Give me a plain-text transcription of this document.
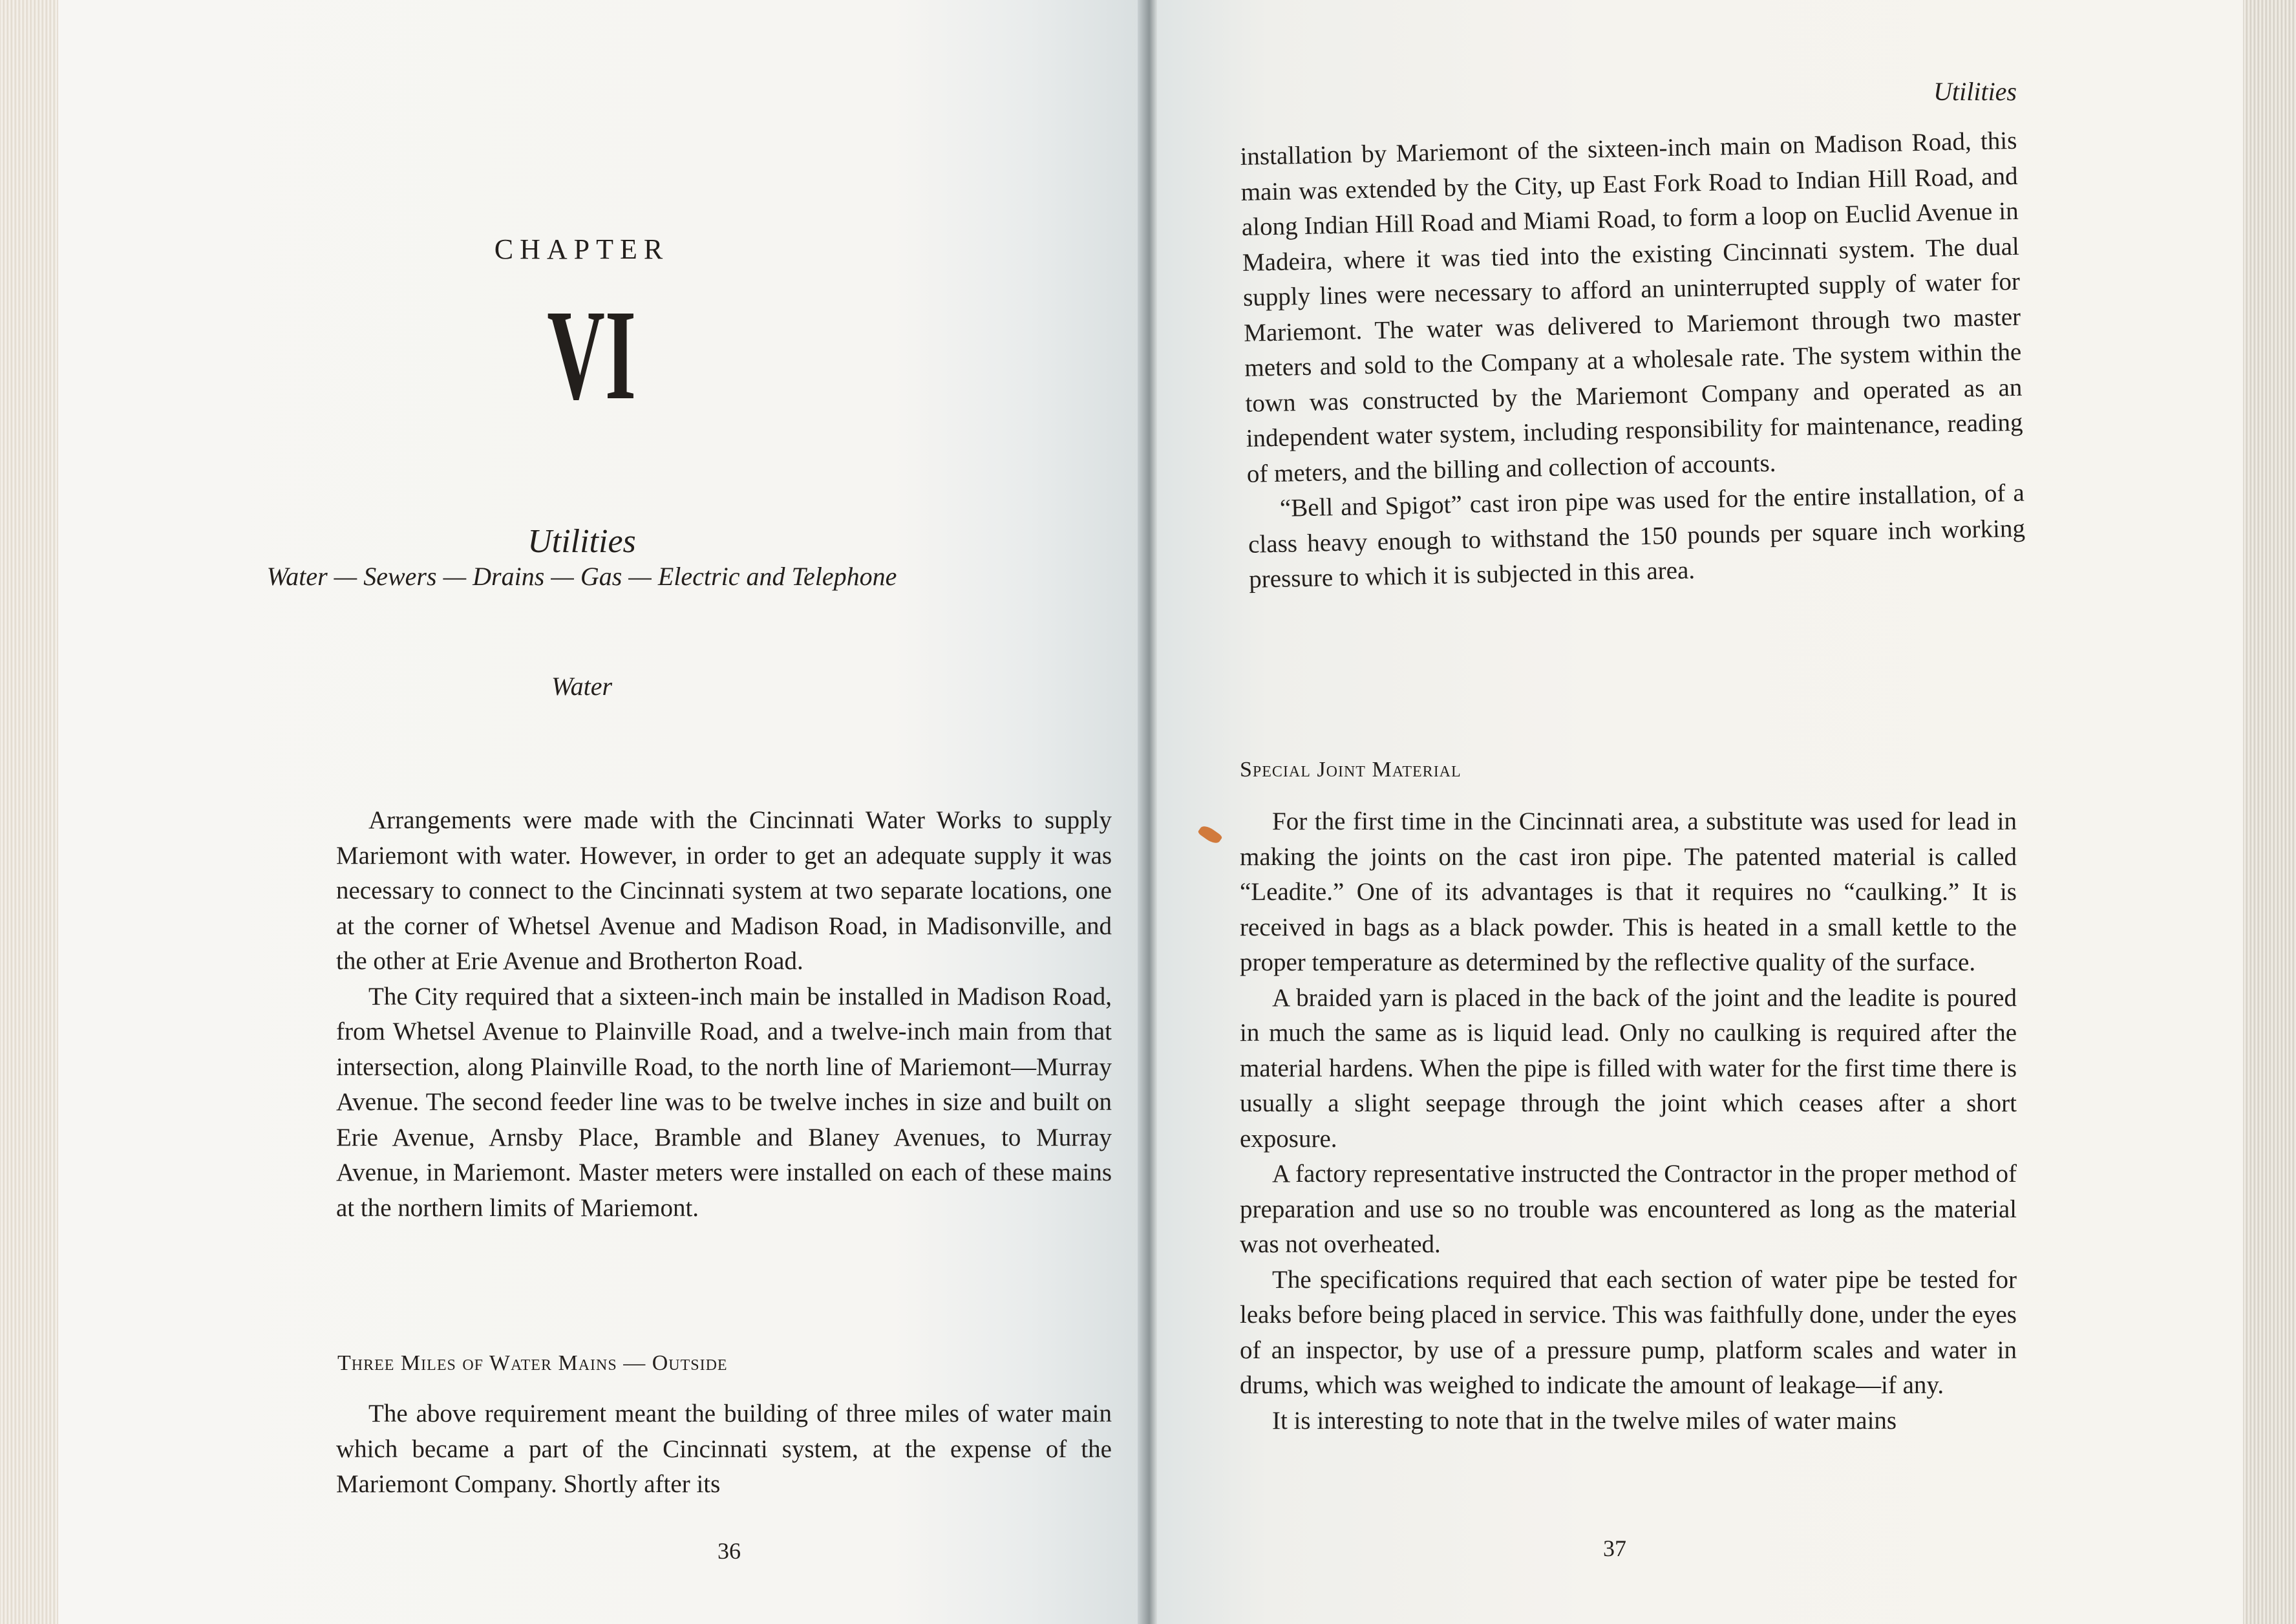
CHAPTER
VI
Utilities
Water — Sewers — Drains — Gas — Electric and Telephone
Water

Arrangements were made with the Cincinnati Water Works to supply Mariemont with water. However, in order to get an adequate supply it was necessary to connect to the Cincinnati system at two separate locations, one at the corner of Whetsel Avenue and Madison Road, in Madisonville, and the other at Erie Avenue and Brotherton Road.

The City required that a sixteen-inch main be installed in Madison Road, from Whetsel Avenue to Plainville Road, and a twelve-inch main from that intersection, along Plainville Road, to the north line of Mariemont—Murray Avenue. The second feeder line was to be twelve inches in size and built on Erie Avenue, Arnsby Place, Bramble and Blaney Avenues, to Murray Avenue, in Mariemont. Master meters were installed on each of these mains at the northern limits of Mariemont.

Three Miles of Water Mains — Outside

The above requirement meant the building of three miles of water main which became a part of the Cincinnati system, at the expense of the Mariemont Company. Shortly after its

36
Utilities

installation by Mariemont of the sixteen-inch main on Madison Road, this main was extended by the City, up East Fork Road to Indian Hill Road, and along Indian Hill Road and Miami Road, to form a loop on Euclid Avenue in Madeira, where it was tied into the existing Cincinnati system. The dual supply lines were necessary to afford an uninterrupted supply of water for Mariemont. The water was delivered to Mariemont through two master meters and sold to the Company at a wholesale rate. The system within the town was constructed by the Mariemont Company and operated as an independent water system, including responsibility for maintenance, reading of meters, and the billing and collection of accounts.

“Bell and Spigot” cast iron pipe was used for the entire installation, of a class heavy enough to withstand the 150 pounds per square inch working pressure to which it is subjected in this area.

Special Joint Material

For the first time in the Cincinnati area, a substitute was used for lead in making the joints on the cast iron pipe. The patented material is called “Leadite.” One of its advantages is that it requires no “caulking.” It is received in bags as a black powder. This is heated in a small kettle to the proper temperature as determined by the reflective quality of the surface.

A braided yarn is placed in the back of the joint and the leadite is poured in much the same as is liquid lead. Only no caulking is required after the material hardens. When the pipe is filled with water for the first time there is usually a slight seepage through the joint which ceases after a short exposure.

A factory representative instructed the Contractor in the proper method of preparation and use so no trouble was encountered as long as the material was not overheated.

The specifications required that each section of water pipe be tested for leaks before being placed in service. This was faithfully done, under the eyes of an inspector, by use of a pressure pump, platform scales and water in drums, which was weighed to indicate the amount of leakage—if any.

It is interesting to note that in the twelve miles of water mains

37
